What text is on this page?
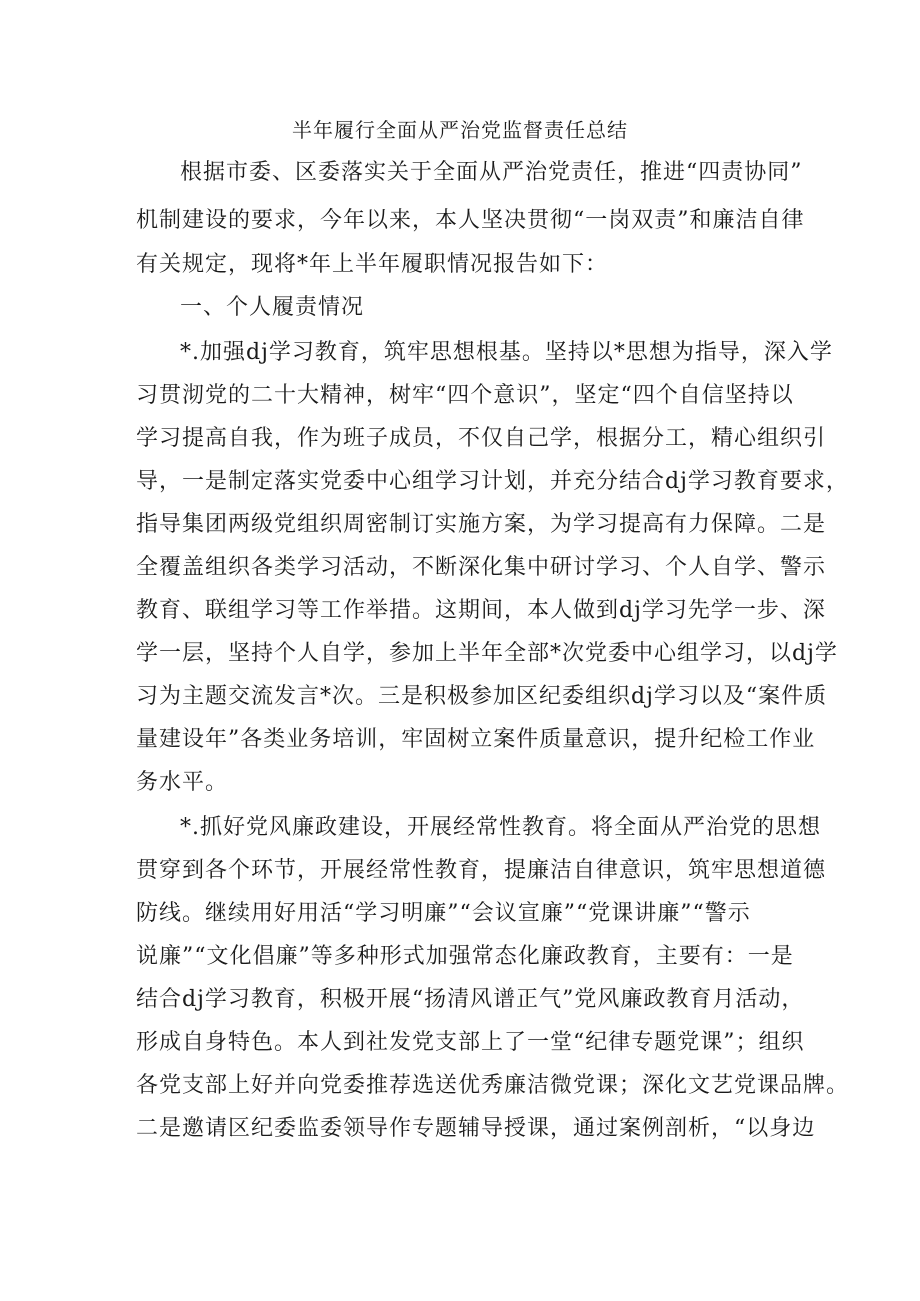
半年履行全面从严治党监督责任总结
根据市委、区委落实关于全面从严治党责任，推进“四责协同”
机制建设的要求，今年以来，本人坚决贯彻“一岗双责”和廉洁自律
有关规定，现将*年上半年履职情况报告如下：
一、个人履责情况
*.加强dj学习教育，筑牢思想根基。坚持以*思想为指导，深入学
习贯沏党的二十大精神，树牢“四个意识”，坚定“四个自信坚持以
学习提高自我，作为班子成员，不仅自己学，根据分工，精心组织引
导，一是制定落实党委中心组学习计划，并充分结合dj学习教育要求，
指导集团两级党组织周密制订实施方案，为学习提高有力保障。二是
全覆盖组织各类学习活动，不断深化集中研讨学习、个人自学、警示
教育、联组学习等工作举措。这期间，本人做到dj学习先学一步、深
学一层，坚持个人自学，参加上半年全部*次党委中心组学习，以dj学
习为主题交流发言*次。三是积极参加区纪委组织dj学习以及“案件质
量建设年”各类业务培训，牢固树立案件质量意识，提升纪检工作业
务水平。
*.抓好党风廉政建设，开展经常性教育。将全面从严治党的思想
贯穿到各个环节，开展经常性教育，提廉洁自律意识，筑牢思想道德
防线。继续用好用活“学习明廉”“会议宣廉”“党课讲廉”“警示
说廉”“文化倡廉”等多种形式加强常态化廉政教育，主要有：一是
结合dj学习教育，积极开展“扬清风谱正气”党风廉政教育月活动，
形成自身特色。本人到社发党支部上了一堂“纪律专题党课”；组织
各党支部上好并向党委推荐选送优秀廉洁微党课；深化文艺党课品牌。
二是邀请区纪委监委领导作专题辅导授课，通过案例剖析，“以身边
